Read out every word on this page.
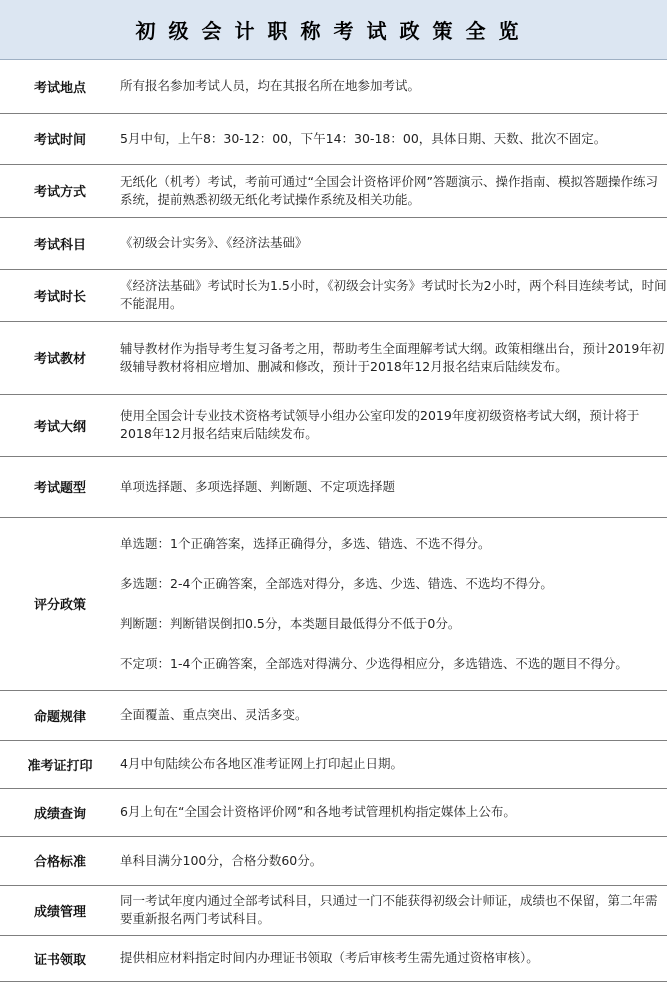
初级会计职称考试政策全览
考试地点	所有报名参加考试人员，均在其报名所在地参加考试。
考试时间	5月中旬，上午8：30-12：00，下午14：30-18：00，具体日期、天数、批次不固定。
考试方式	无纸化（机考）考试，考前可通过“全国会计资格评价网”答题演示、操作指南、模拟答题操作练习系统，提前熟悉初级无纸化考试操作系统及相关功能。
考试科目	《初级会计实务》、《经济法基础》
考试时长	《经济法基础》考试时长为1.5小时，《初级会计实务》考试时长为2小时，两个科目连续考试，时间不能混用。
考试教材	辅导教材作为指导考生复习备考之用，帮助考生全面理解考试大纲。政策相继出台，预计2019年初级辅导教材将相应增加、删减和修改，预计于2018年12月报名结束后陆续发布。
考试大纲	使用全国会计专业技术资格考试领导小组办公室印发的2019年度初级资格考试大纲，预计将于2018年12月报名结束后陆续发布。
考试题型	单项选择题、多项选择题、判断题、不定项选择题
评分政策	单选题：1个正确答案，选择正确得分，多选、错选、不选不得分。

多选题：2-4个正确答案，全部选对得分，多选、少选、错选、不选均不得分。

判断题：判断错误倒扣0.5分，本类题目最低得分不低于0分。

不定项：1-4个正确答案，全部选对得满分、少选得相应分，多选错选、不选的题目不得分。

命题规律	全面覆盖、重点突出、灵活多变。
准考证打印	4月中旬陆续公布各地区准考证网上打印起止日期。
成绩查询	6月上旬在“全国会计资格评价网”和各地考试管理机构指定媒体上公布。
合格标准	单科目满分100分，合格分数60分。
成绩管理	同一考试年度内通过全部考试科目，只通过一门不能获得初级会计师证，成绩也不保留，第二年需要重新报名两门考试科目。
证书领取	提供相应材料指定时间内办理证书领取（考后审核考生需先通过资格审核）。
